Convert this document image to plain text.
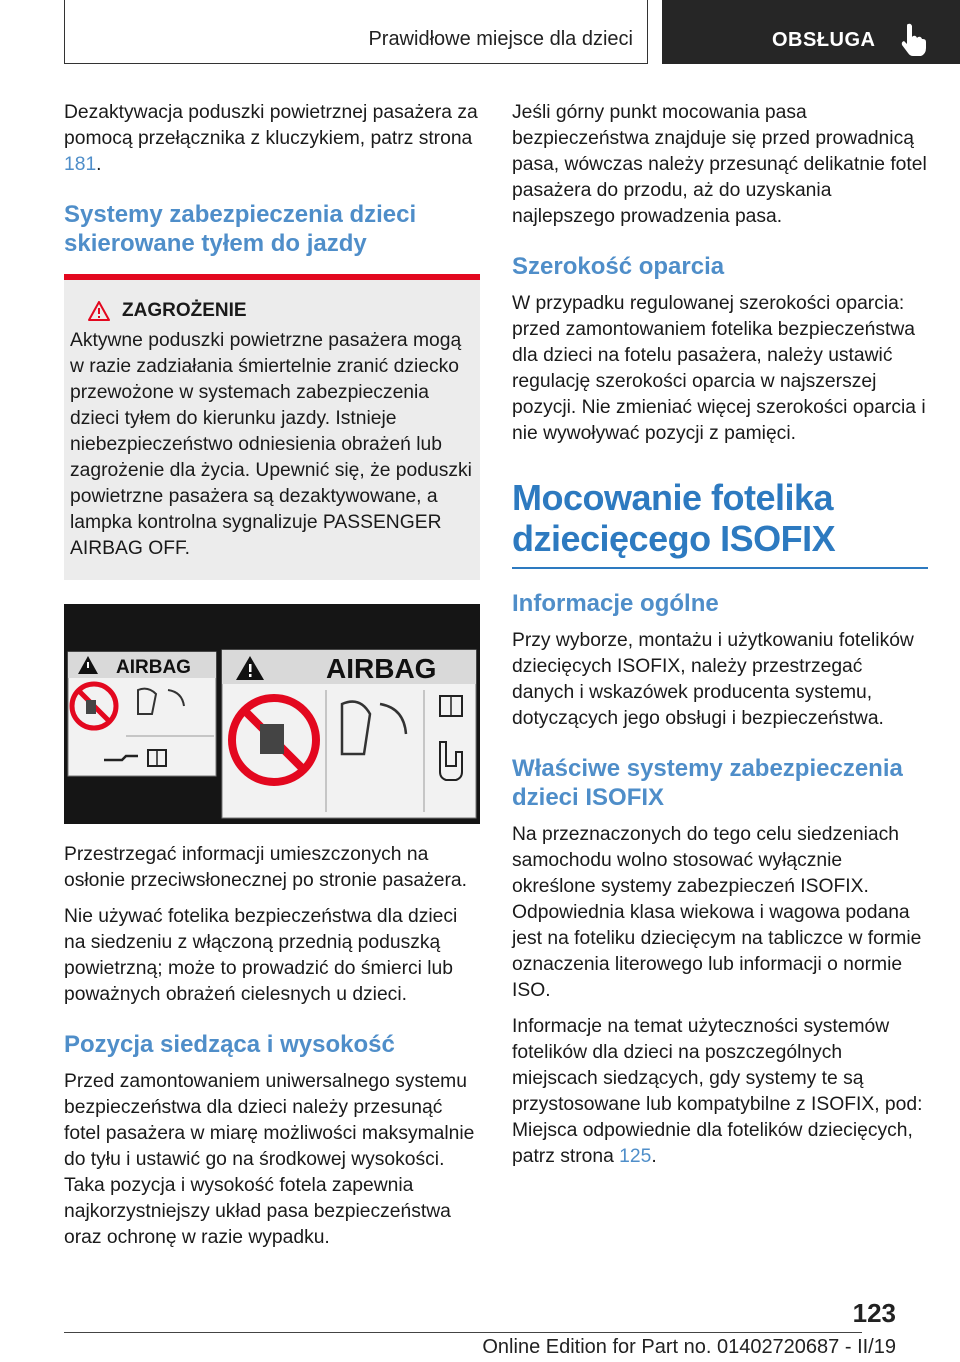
Prawidłowe miejsce dla dzieci	OBSŁUGA

Dezaktywacja poduszki powietrznej pasażera za pomocą przełącznika z kluczykiem, patrz strona 181.

Systemy zabezpieczenia dzieci skierowane tyłem do jazdy
ZAGROŻENIE

Aktywne poduszki powietrzne pasażera mogą w razie zadziałania śmiertelnie zranić dziecko przewożone w systemach zabezpieczenia dzieci tyłem do kierunku jazdy. Istnieje niebezpieczeństwo odniesienia obrażeń lub zagrożenie dla życia. Upewnić się, że poduszki powietrzne pasażera są dezaktywowane, a lampka kontrolna sygnalizuje PASSENGER AIRBAG OFF.

AIRBAG	AIRBAG

Przestrzegać informacji umieszczonych na osłonie przeciwsłonecznej po stronie pasażera.

Nie używać fotelika bezpieczeństwa dla dzieci na siedzeniu z włączoną przednią poduszką powietrzną; może to prowadzić do śmierci lub poważnych obrażeń cielesnych u dzieci.

Pozycja siedząca i wysokość

Przed zamontowaniem uniwersalnego systemu bezpieczeństwa dla dzieci należy przesunąć fotel pasażera w miarę możliwości maksymalnie do tyłu i ustawić go na środkowej wysokości. Taka pozycja i wysokość fotela zapewnia najkorzystniejszy układ pasa bezpieczeństwa oraz ochronę w razie wypadku.

Jeśli górny punkt mocowania pasa bezpieczeństwa znajduje się przed prowadnicą pasa, wówczas należy przesunąć delikatnie fotel pasażera do przodu, aż do uzyskania najlepszego prowadzenia pasa.

Szerokość oparcia

W przypadku regulowanej szerokości oparcia: przed zamontowaniem fotelika bezpieczeństwa dla dzieci na fotelu pasażera, należy ustawić regulację szerokości oparcia w najszerszej pozycji. Nie zmieniać więcej szerokości oparcia i nie wywoływać pozycji z pamięci.

Mocowanie fotelika dziecięcego ISOFIX
Informacje ogólne

Przy wyborze, montażu i użytkowaniu fotelików dziecięcych ISOFIX, należy przestrzegać danych i wskazówek producenta systemu, dotyczących jego obsługi i bezpieczeństwa.

Właściwe systemy zabezpieczenia dzieci ISOFIX

Na przeznaczonych do tego celu siedzeniach samochodu wolno stosować wyłącznie określone systemy zabezpieczeń ISOFIX. Odpowiednia klasa wiekowa i wagowa podana jest na foteliku dziecięcym na tabliczce w formie oznaczenia literowego lub informacji o normie ISO.

Informacje na temat użyteczności systemów fotelików dla dzieci na poszczególnych miejscach siedzących, gdy systemy te są przystosowane lub kompatybilne z ISOFIX, pod: Miejsca odpowiednie dla fotelików dziecięcych, patrz strona 125.

123
Online Edition for Part no. 01402720687 - II/19
